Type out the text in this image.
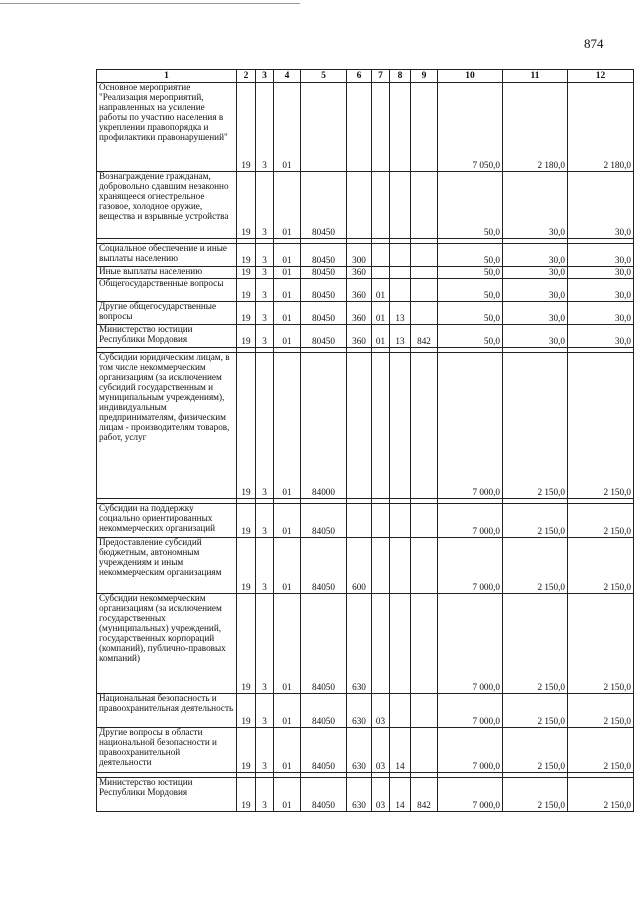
874
1	2	3	4	5	6	7	8	9	10	11	12

Основное мероприятие "Реализация мероприятий, направленных на усиление работы по участию населения в укреплении правопорядка и профилактики правонарушений"	19	3	01						7 050,0	2 180,0	2 180,0

Вознаграждение гражданам, добровольно сдавшим незаконно хранящееся огнестрельное газовое, холодное оружие, вещества и взрывные устройства	19	3	01	80450					50,0	30,0	30,0

Социальное обеспечение и иные выплаты населению	19	3	01	80450	300				50,0	30,0	30,0

Иные выплаты населению	19	3	01	80450	360				50,0	30,0	30,0

Общегосударственные вопросы	19	3	01	80450	360	01			50,0	30,0	30,0

Другие общегосударственные вопросы	19	3	01	80450	360	01	13		50,0	30,0	30,0

Министерство юстиции Республики Мордовия	19	3	01	80450	360	01	13	842	50,0	30,0	30,0

Субсидии юридическим лицам, в том числе некоммерческим организациям (за исключением субсидий государственным и муниципальным учреждениям), индивидуальным предпринимателям, физическим лицам - производителям товаров, работ, услуг	19	3	01	84000					7 000,0	2 150,0	2 150,0

Субсидии на поддержку социально ориентированных некоммерческих организаций	19	3	01	84050					7 000,0	2 150,0	2 150,0

Предоставление субсидий бюджетным, автономным учреждениям и иным некоммерческим организациям	19	3	01	84050	600				7 000,0	2 150,0	2 150,0

Субсидии некоммерческим организациям (за исключением государственных (муниципальных) учреждений, государственных корпораций (компаний), публично-правовых компаний)	19	3	01	84050	630				7 000,0	2 150,0	2 150,0

Национальная безопасность и правоохранительная деятельность	19	3	01	84050	630	03			7 000,0	2 150,0	2 150,0

Другие вопросы в области национальной безопасности и правоохранительной деятельности	19	3	01	84050	630	03	14		7 000,0	2 150,0	2 150,0

Министерство юстиции Республики Мордовия	19	3	01	84050	630	03	14	842	7 000,0	2 150,0	2 150,0
